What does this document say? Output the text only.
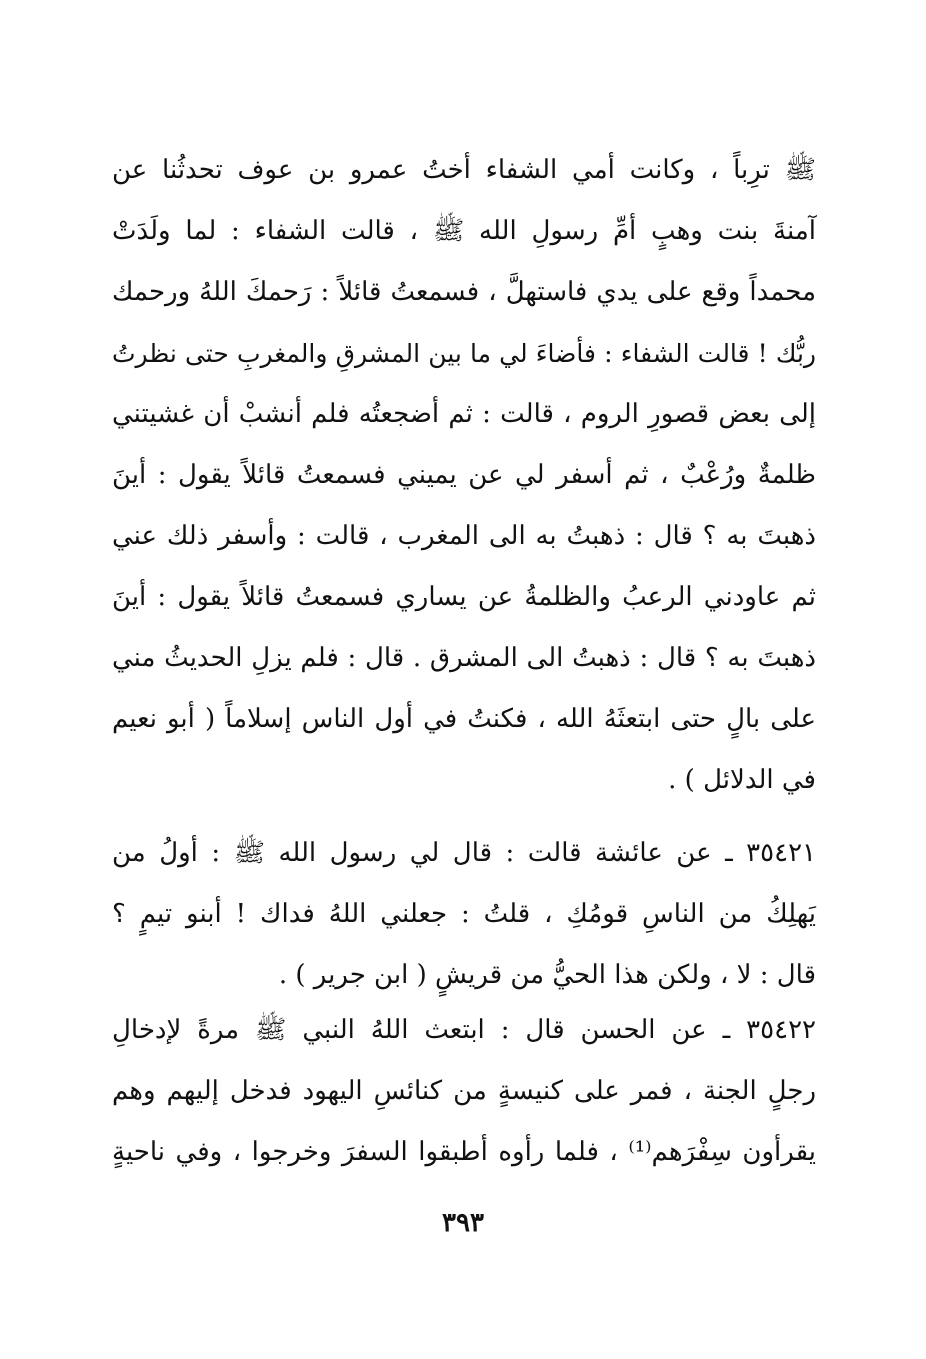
ﷺ ترِباً ، وكانت أمي الشفاء أختُ عمرو بن عوف تحدثُنا عن
آمنةَ بنت وهبٍ أمِّ رسولِ الله ﷺ ، قالت الشفاء : لما ولَدَتْ
محمداً وقع على يدي فاستهلَّ ، فسمعتُ قائلاً : رَحمكَ اللهُ ورحمك
ربُّك ! قالت الشفاء : فأضاءَ لي ما بين المشرقِ والمغربِ حتى نظرتُ
إلى بعض قصورِ الروم ، قالت : ثم أضجعتُه فلم أنشبْ أن غشيتني
ظلمةٌ ورُعْبٌ ، ثم أسفر لي عن يميني فسمعتُ قائلاً يقول : أينَ
ذهبتَ به ؟ قال : ذهبتُ به الى المغرب ، قالت : وأسفر ذلك عني
ثم عاودني الرعبُ والظلمةُ عن يساري فسمعتُ قائلاً يقول : أينَ
ذهبتَ به ؟ قال : ذهبتُ الى المشرق . قال : فلم يزلِ الحديثُ مني
على بالٍ حتى ابتعثَهُ الله ، فكنتُ في أول الناس إسلاماً ( أبو نعيم
في الدلائل ) .
٣٥٤٢١ ـ عن عائشة قالت : قال لي رسول الله ﷺ : أولُ من
يَهلِكُ من الناسِ قومُكِ ، قلتُ : جعلني اللهُ فداك ! أبنو تيمٍ ؟
قال : لا ، ولكن هذا الحيُّ من قريشٍ ( ابن جرير ) .
٣٥٤٢٢ ـ عن الحسن قال : ابتعث اللهُ النبي ﷺ مرةً لإدخالِ
رجلٍ الجنة ، فمر على كنيسةٍ من كنائسِ اليهود فدخل إليهم وهم
يقرأون سِفْرَهم⁽¹⁾ ، فلما رأوه أطبقوا السفرَ وخرجوا ، وفي ناحيةٍ
٣٩٣
